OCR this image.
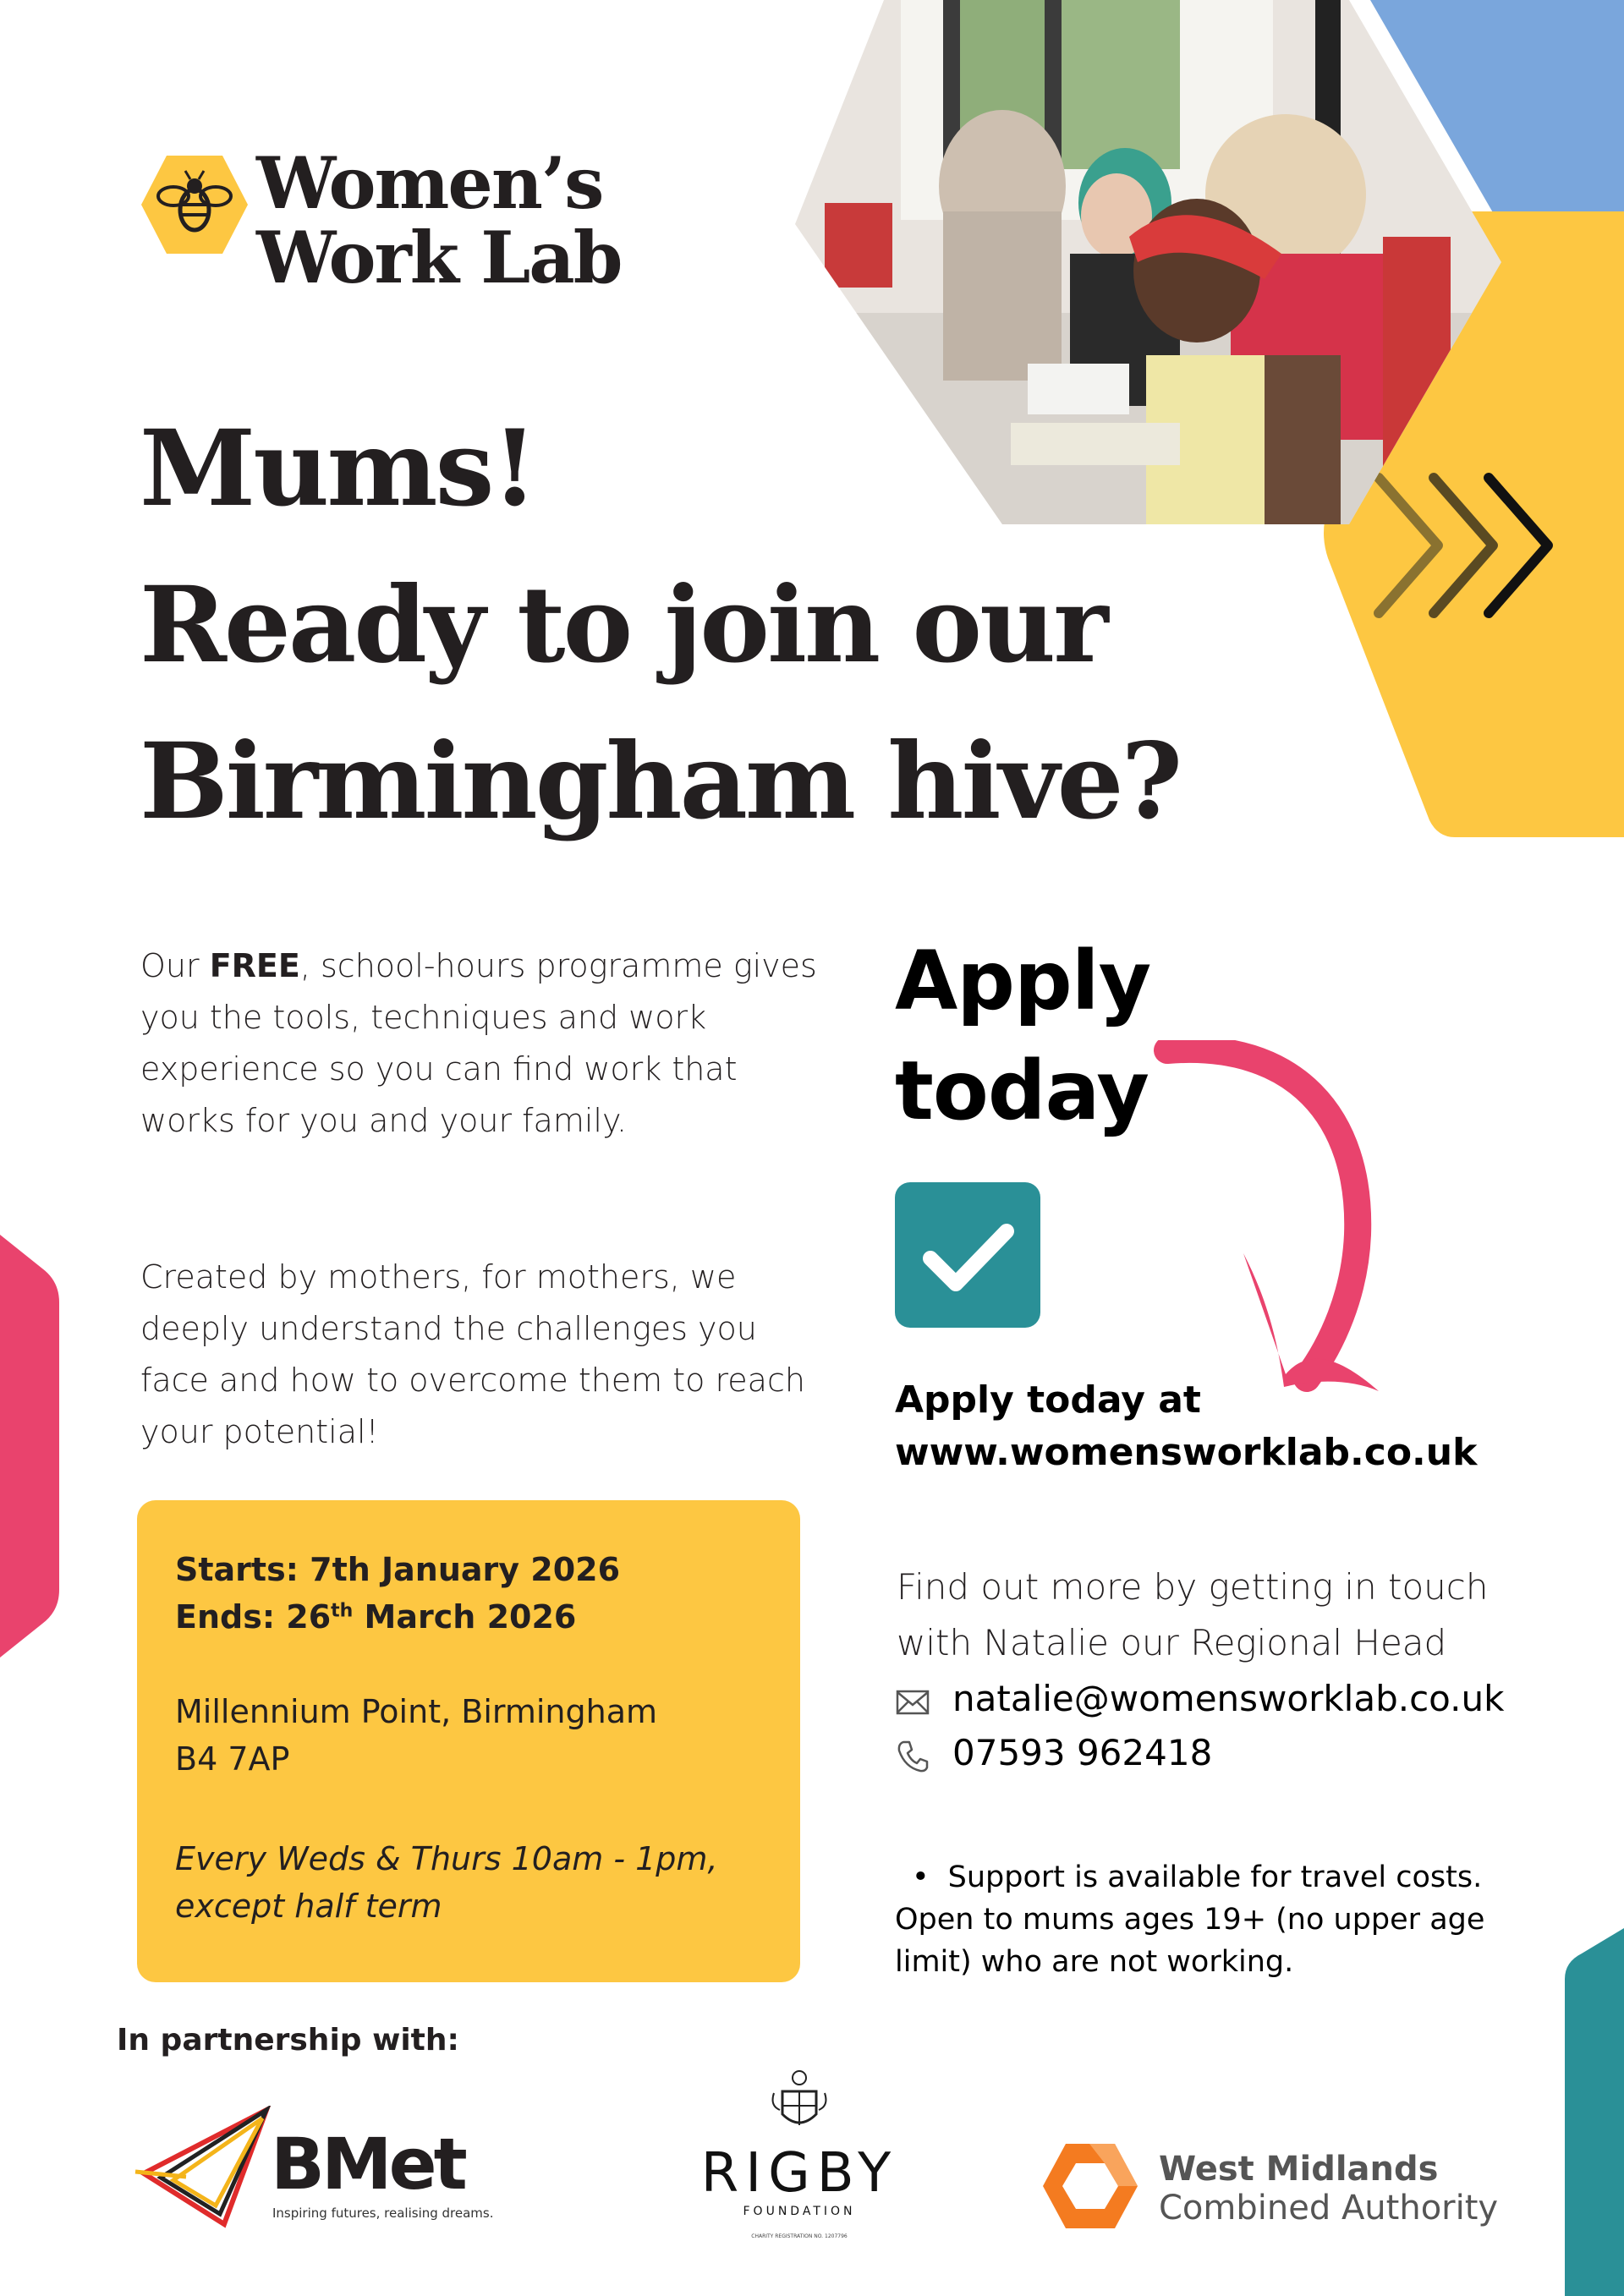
Women’s
Work Lab
Mums!
Ready to join our
Birmingham hive?
Our FREE, school-hours programme gives you the tools, techniques and work experience so you can find work that works for you and your family.
Created by mothers, for mothers, we deeply understand the challenges you face and how to overcome them to reach your potential!
Starts: 7th January 2026
Ends: 26th March 2026
Millennium Point, Birmingham
B4 7AP
Every Weds & Thurs 10am - 1pm,
except half term
Apply
today
Apply today at
www.womensworklab.co.uk
Find out more by getting in touch
with Natalie our Regional Head
natalie@womensworklab.co.uk
07593 962418
• Support is available for travel costs.
Open to mums ages 19+ (no upper age
limit) who are not working.
In partnership with:
BMet
Inspiring futures, realising dreams.
RIGBY
FOUNDATION
CHARITY REGISTRATION NO. 1207796
West Midlands
Combined Authority
